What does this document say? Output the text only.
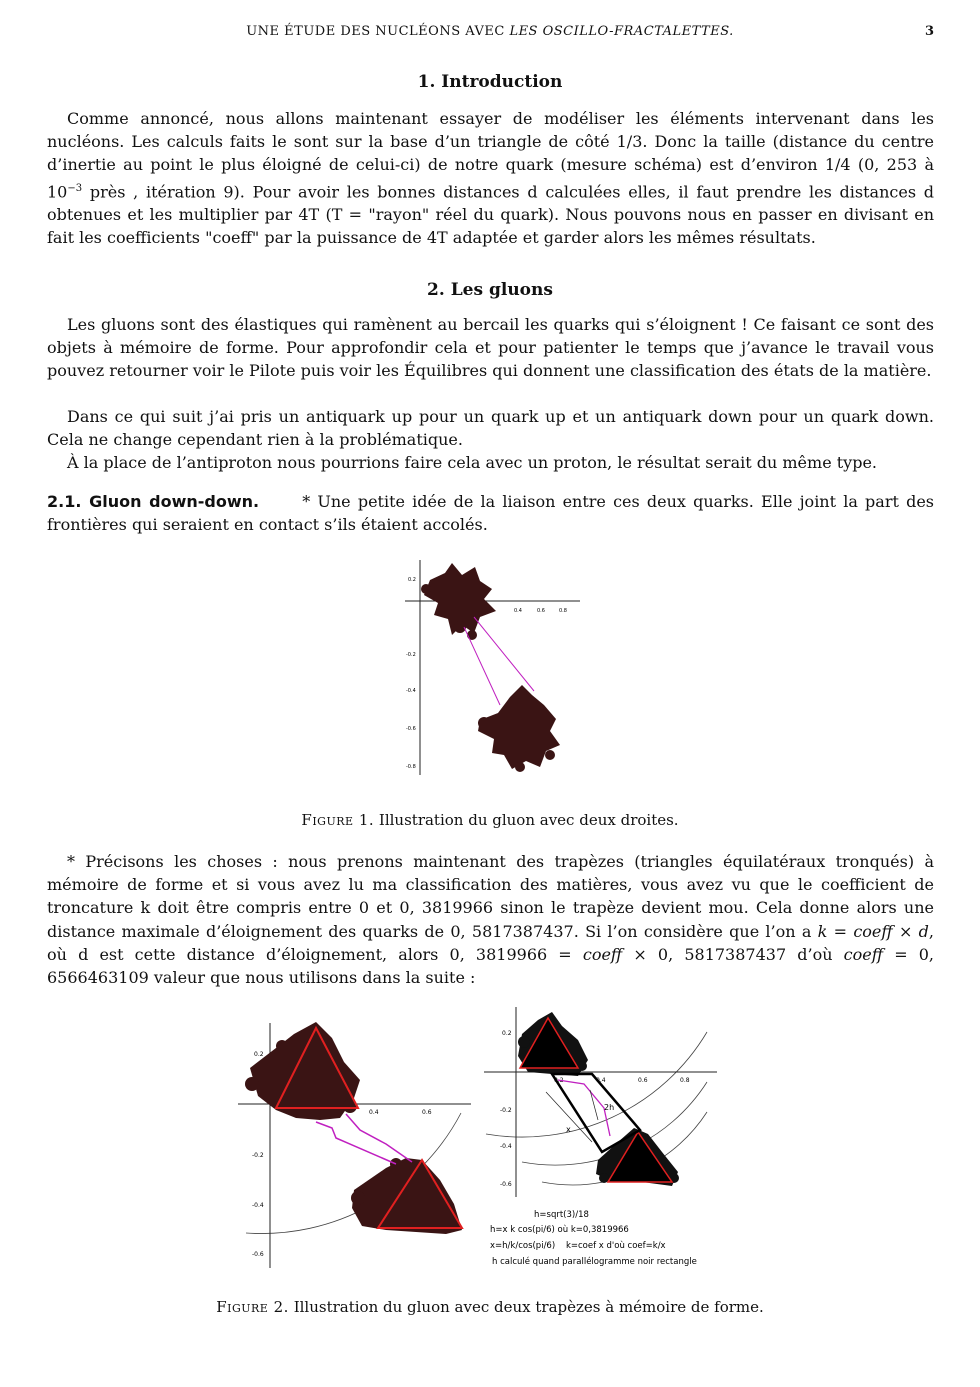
UNE ÉTUDE DES NUCLÉONS AVEC LES OSCILLO-FRACTALETTES.	3
1. Introduction

Comme annoncé, nous allons maintenant essayer de modéliser les éléments intervenant dans les nucléons. Les calculs faits le sont sur la base d’un triangle de côté 1/3. Donc la taille (distance du centre d’inertie au point le plus éloigné de celui-ci) de notre quark (mesure schéma) est d’environ 1/4 (0, 253 à $10^{-3}$ près , itération 9). Pour avoir les bonnes distances d calculées elles, il faut prendre les distances d obtenues et les multiplier par 4T (T = "rayon" réel du quark). Nous pouvons nous en passer en divisant en fait les coefficients "coeff" par la puissance de 4T adaptée et garder alors les mêmes résultats.

2. Les gluons

Les gluons sont des élastiques qui ramènent au bercail les quarks qui s’éloignent ! Ce faisant ce sont des objets à mémoire de forme. Pour approfondir cela et pour patienter le temps que j’avance le travail vous pouvez retourner voir le Pilote puis voir les Équilibres qui donnent une classification des états de la matière.

Dans ce qui suit j’ai pris un antiquark up pour un quark up et un antiquark down pour un quark down. Cela ne change cependant rien à la problématique.

À la place de l’antiproton nous pourrions faire cela avec un proton, le résultat serait du même type.

2.1. Gluon down-down.	* Une petite idée de la liaison entre ces deux quarks. Elle joint la part des frontières qui seraient en contact s’ils étaient accolés.

0.4	0.6	0.8
0.2
-0.2
-0.4
-0.6
-0.8
Figure 1. Illustration du gluon avec deux droites.

* Précisons les choses : nous prenons maintenant des trapèzes (triangles équilatéraux tronqués) à mémoire de forme et si vous avez lu ma classification des matières, vous avez vu que le coefficient de troncature k doit être compris entre 0 et 0, 3819966 sinon le trapèze devient mou. Cela donne alors une distance maximale d’éloignement des quarks de 0, 5817387437. Si l’on considère que l’on a k = coeff × d, où d est cette distance d’éloignement, alors 0, 3819966 = coeff × 0, 5817387437 d’où coeff = 0, 6566463109 valeur que nous utilisons dans la suite :

0.4	0.6
0.2
-0.2
-0.4
-0.6
0.2	0.4	0.6	0.8
0.2
-0.2
-0.4
-0.6
2h
x
h=sqrt(3)/18
h=x k cos(pi/6) où k=0,3819966
x=h/k/cos(pi/6)    k=coef x d'où coef=k/x
h calculé quand parallélogramme noir rectangle
Figure 2. Illustration du gluon avec deux trapèzes à mémoire de forme.
